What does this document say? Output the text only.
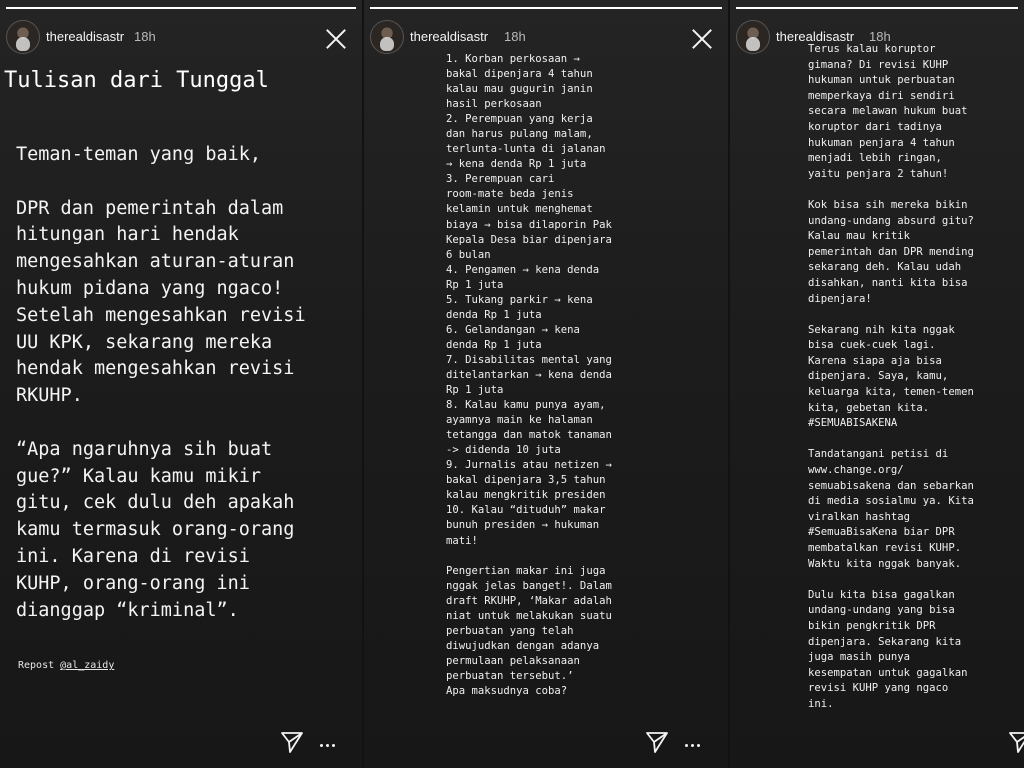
therealdisastr 18h
Tulisan dari Tunggal
Teman-teman yang baik,

DPR dan pemerintah dalam
hitungan hari hendak
mengesahkan aturan-aturan
hukum pidana yang ngaco!
Setelah mengesahkan revisi
UU KPK, sekarang mereka
hendak mengesahkan revisi
RKUHP.

“Apa ngaruhnya sih buat
gue?” Kalau kamu mikir
gitu, cek dulu deh apakah
kamu termasuk orang-orang
ini. Karena di revisi
KUHP, orang-orang ini
dianggap “kriminal”.
Repost @al_zaidy
therealdisastr 18h
1. Korban perkosaan →
bakal dipenjara 4 tahun
kalau mau gugurin janin
hasil perkosaan
2. Perempuan yang kerja
dan harus pulang malam,
terlunta-lunta di jalanan
→ kena denda Rp 1 juta
3. Perempuan cari
room-mate beda jenis
kelamin untuk menghemat
biaya → bisa dilaporin Pak
Kepala Desa biar dipenjara
6 bulan
4. Pengamen → kena denda
Rp 1 juta
5. Tukang parkir → kena
denda Rp 1 juta
6. Gelandangan → kena
denda Rp 1 juta
7. Disabilitas mental yang
ditelantarkan → kena denda
Rp 1 juta
8. Kalau kamu punya ayam,
ayamnya main ke halaman
tetangga dan matok tanaman
-> didenda 10 juta
9. Jurnalis atau netizen →
bakal dipenjara 3,5 tahun
kalau mengkritik presiden
10. Kalau “dituduh” makar
bunuh presiden → hukuman
mati!

Pengertian makar ini juga
nggak jelas banget!. Dalam
draft RKUHP, ‘Makar adalah
niat untuk melakukan suatu
perbuatan yang telah
diwujudkan dengan adanya
permulaan pelaksanaan
perbuatan tersebut.’
Apa maksudnya coba?
therealdisastr 18h
Terus kalau koruptor
gimana? Di revisi KUHP
hukuman untuk perbuatan
memperkaya diri sendiri
secara melawan hukum buat
koruptor dari tadinya
hukuman penjara 4 tahun
menjadi lebih ringan,
yaitu penjara 2 tahun!

Kok bisa sih mereka bikin
undang-undang absurd gitu?
Kalau mau kritik
pemerintah dan DPR mending
sekarang deh. Kalau udah
disahkan, nanti kita bisa
dipenjara!

Sekarang nih kita nggak
bisa cuek-cuek lagi.
Karena siapa aja bisa
dipenjara. Saya, kamu,
keluarga kita, temen-temen
kita, gebetan kita.
#SEMUABISAKENA

Tandatangani petisi di
www.change.org/
semuabisakena dan sebarkan
di media sosialmu ya. Kita
viralkan hashtag
#SemuaBisaKena biar DPR
membatalkan revisi KUHP.
Waktu kita nggak banyak.

Dulu kita bisa gagalkan
undang-undang yang bisa
bikin pengkritik DPR
dipenjara. Sekarang kita
juga masih punya
kesempatan untuk gagalkan
revisi KUHP yang ngaco
ini.
